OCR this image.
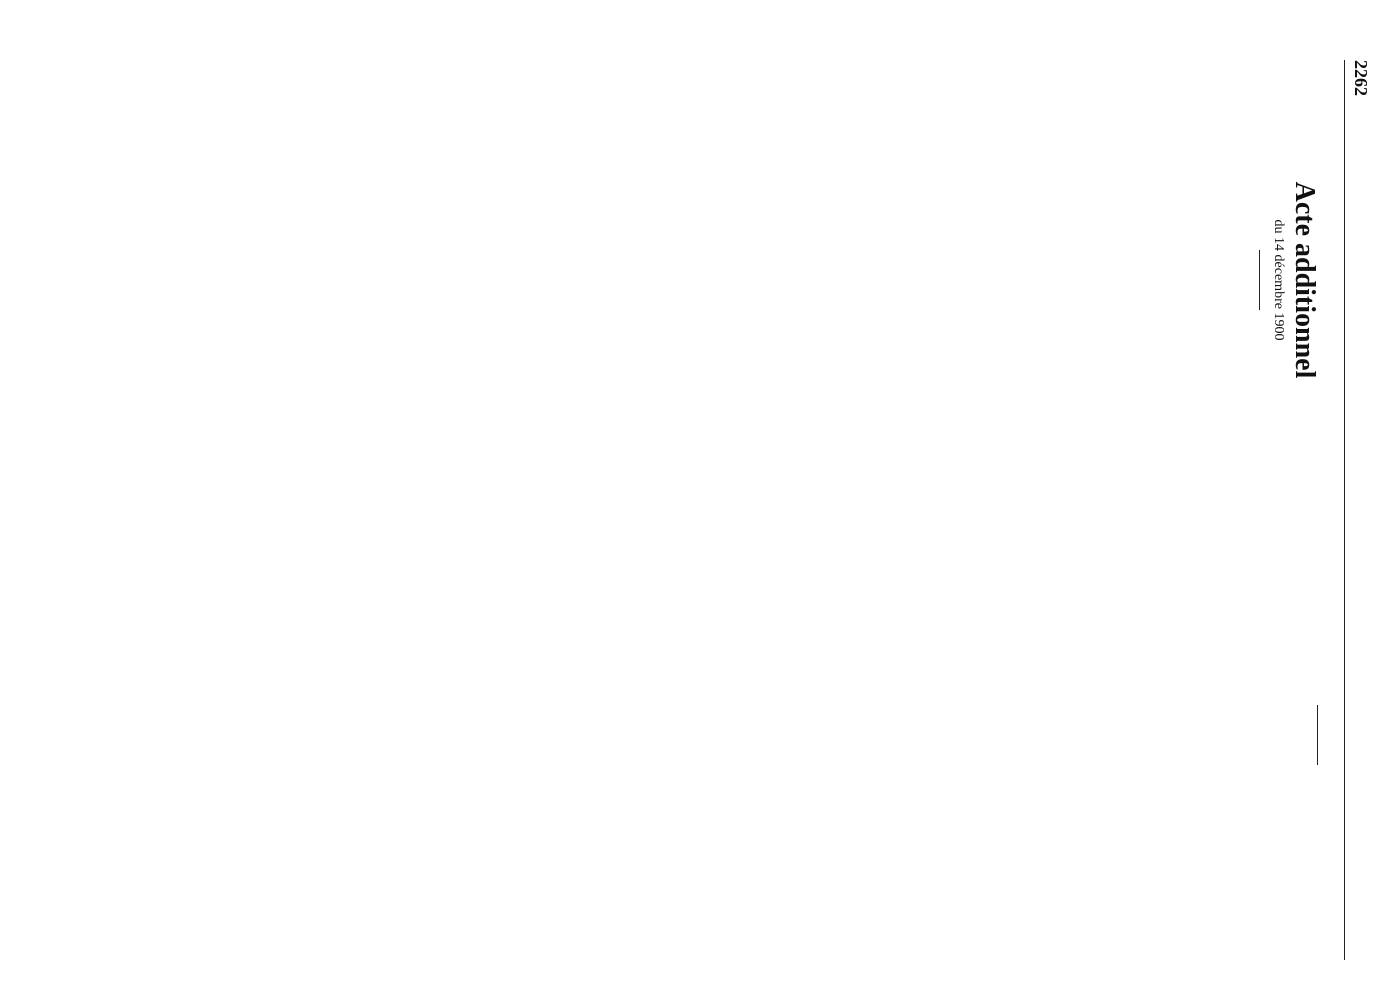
2262
Acte additionnel
du 14 décembre 1900
